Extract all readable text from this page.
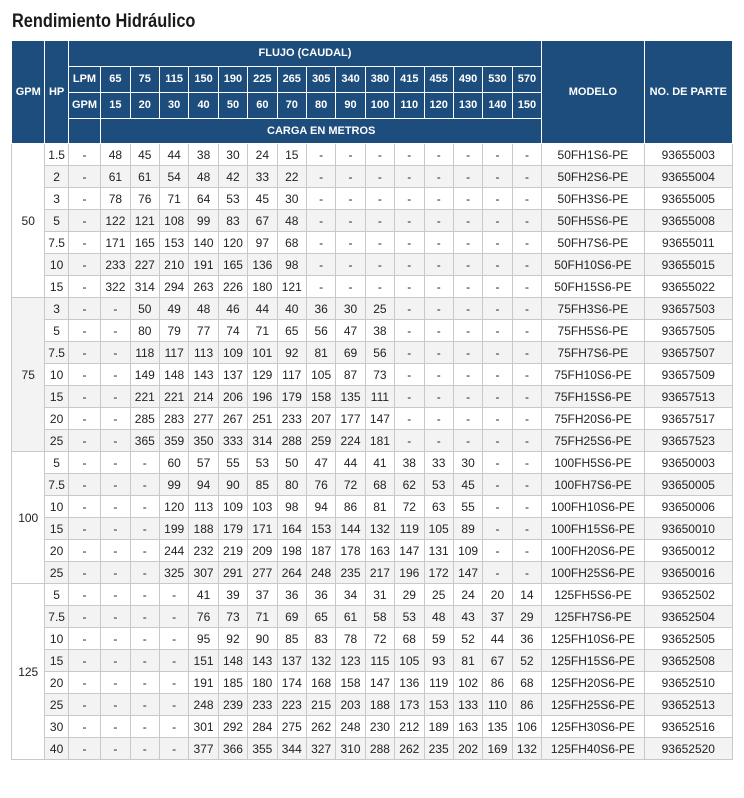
Rendimiento Hidráulico
GPM	HP	FLUJO (CAUDAL)																MODELO	NO. DE PARTE
		LPM	65	75	115	150	190	225	265	305	340	380	415	455	490	530	570		
		GPM	15	20	30	40	50	60	70	80	90	100	110	120	130	140	150		
			CARGA EN METROS																
50	1.5	-	48	45	44	38	30	24	15	-	-	-	-	-	-	-	-	50FH1S6-PE	93655003
	2	-	61	61	54	48	42	33	22	-	-	-	-	-	-	-	-	50FH2S6-PE	93655004
	3	-	78	76	71	64	53	45	30	-	-	-	-	-	-	-	-	50FH3S6-PE	93655005
	5	-	122	121	108	99	83	67	48	-	-	-	-	-	-	-	-	50FH5S6-PE	93655008
	7.5	-	171	165	153	140	120	97	68	-	-	-	-	-	-	-	-	50FH7S6-PE	93655011
	10	-	233	227	210	191	165	136	98	-	-	-	-	-	-	-	-	50FH10S6-PE	93655015
	15	-	322	314	294	263	226	180	121	-	-	-	-	-	-	-	-	50FH15S6-PE	93655022
75	3	-	-	50	49	48	46	44	40	36	30	25	-	-	-	-	-	75FH3S6-PE	93657503
	5	-	-	80	79	77	74	71	65	56	47	38	-	-	-	-	-	75FH5S6-PE	93657505
	7.5	-	-	118	117	113	109	101	92	81	69	56	-	-	-	-	-	75FH7S6-PE	93657507
	10	-	-	149	148	143	137	129	117	105	87	73	-	-	-	-	-	75FH10S6-PE	93657509
	15	-	-	221	221	214	206	196	179	158	135	111	-	-	-	-	-	75FH15S6-PE	93657513
	20	-	-	285	283	277	267	251	233	207	177	147	-	-	-	-	-	75FH20S6-PE	93657517
	25	-	-	365	359	350	333	314	288	259	224	181	-	-	-	-	-	75FH25S6-PE	93657523
100	5	-	-	-	60	57	55	53	50	47	44	41	38	33	30	-	-	100FH5S6-PE	93650003
	7.5	-	-	-	99	94	90	85	80	76	72	68	62	53	45	-	-	100FH7S6-PE	93650005
	10	-	-	-	120	113	109	103	98	94	86	81	72	63	55	-	-	100FH10S6-PE	93650006
	15	-	-	-	199	188	179	171	164	153	144	132	119	105	89	-	-	100FH15S6-PE	93650010
	20	-	-	-	244	232	219	209	198	187	178	163	147	131	109	-	-	100FH20S6-PE	93650012
	25	-	-	-	325	307	291	277	264	248	235	217	196	172	147	-	-	100FH25S6-PE	93650016
125	5	-	-	-	-	41	39	37	36	36	34	31	29	25	24	20	14	125FH5S6-PE	93652502
	7.5	-	-	-	-	76	73	71	69	65	61	58	53	48	43	37	29	125FH7S6-PE	93652504
	10	-	-	-	-	95	92	90	85	83	78	72	68	59	52	44	36	125FH10S6-PE	93652505
	15	-	-	-	-	151	148	143	137	132	123	115	105	93	81	67	52	125FH15S6-PE	93652508
	20	-	-	-	-	191	185	180	174	168	158	147	136	119	102	86	68	125FH20S6-PE	93652510
	25	-	-	-	-	248	239	233	223	215	203	188	173	153	133	110	86	125FH25S6-PE	93652513
	30	-	-	-	-	301	292	284	275	262	248	230	212	189	163	135	106	125FH30S6-PE	93652516
	40	-	-	-	-	377	366	355	344	327	310	288	262	235	202	169	132	125FH40S6-PE	93652520
